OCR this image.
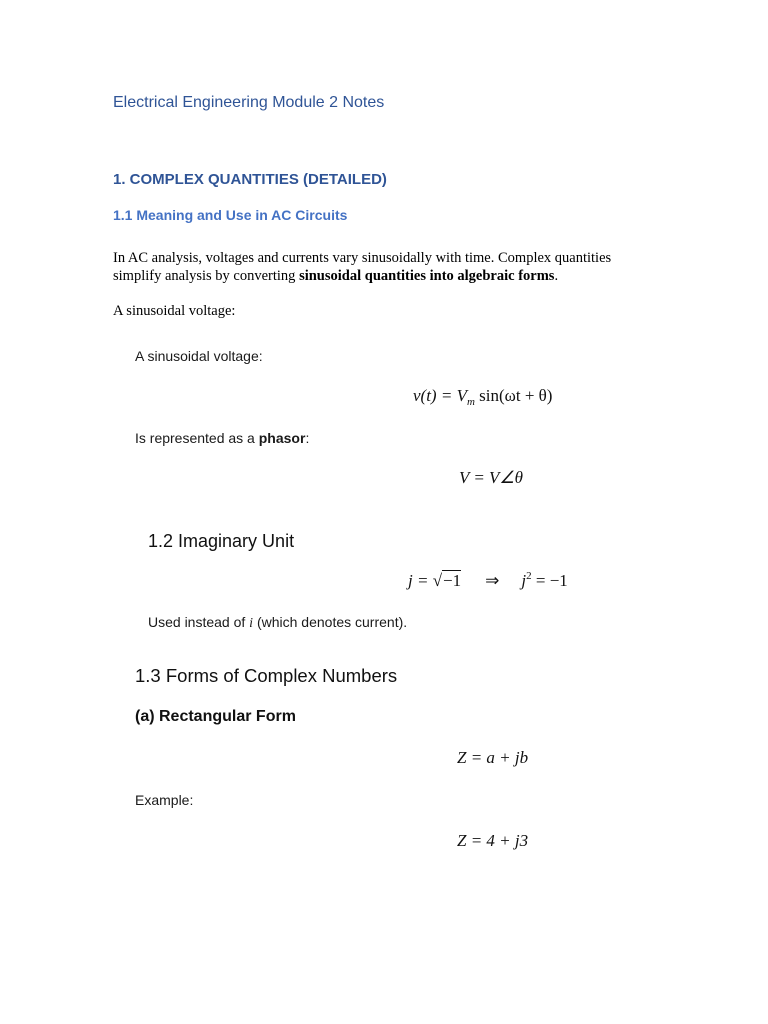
Electrical Engineering Module 2 Notes
1. COMPLEX QUANTITIES (DETAILED)
1.1 Meaning and Use in AC Circuits
In AC analysis, voltages and currents vary sinusoidally with time. Complex quantities simplify analysis by converting sinusoidal quantities into algebraic forms.
A sinusoidal voltage:
A sinusoidal voltage:
$v(t) = V_m$ sin(ωt + θ)
Is represented as a phasor:
V = V∠θ
1.2 Imaginary Unit
j = √−1 ⇒ $j^2 = -1$
Used instead of i (which denotes current).
1.3 Forms of Complex Numbers
(a) Rectangular Form
Z = a + jb
Example:
Z = 4 + j3
